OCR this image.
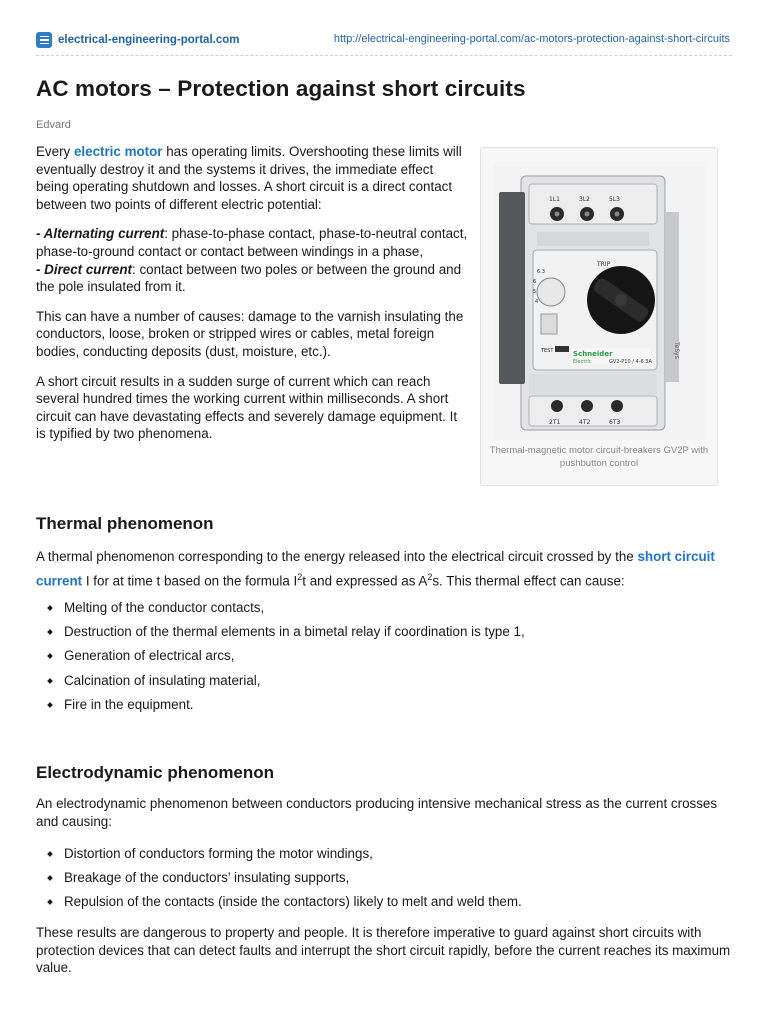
electrical-engineering-portal.com	http://electrical-engineering-portal.com/ac-motors-protection-against-short-circuits
AC motors – Protection against short circuits
Edvard

Every electric motor has operating limits. Overshooting these limits will eventually destroy it and the systems it drives, the immediate effect being operating shutdown and losses. A short circuit is a direct contact between two points of different electric potential:

- Alternating current: phase-to-phase contact, phase-to-neutral contact, phase-to-ground contact or contact between windings in a phase,
- Direct current: contact between two poles or between the ground and the pole insulated from it.

This can have a number of causes: damage to the varnish insulating the conductors, loose, broken or stripped wires or cables, metal foreign bodies, conducting deposits (dust, moisture, etc.).

A short circuit results in a sudden surge of current which can reach several hundred times the working current within milliseconds. A short circuit can have devastating effects and severely damage equipment. It is typified by two phenomena.

1L1	3L2	5L3
TRIP
6.3
6
5
4
TEST	Schneider
Electric	GV2-P10 / 4-6.3A
TeSys
2T1	4T2	6T3
Thermal-magnetic motor circuit-breakers GV2P with pushbutton control
Thermal phenomenon

A thermal phenomenon corresponding to the energy released into the electrical circuit crossed by the short circuit current I for at time t based on the formula $I^2t$ and expressed as $A^2s$. This thermal effect can cause:

Melting of the conductor contacts,
Destruction of the thermal elements in a bimetal relay if coordination is type 1,
Generation of electrical arcs,
Calcination of insulating material,
Fire in the equipment.
Electrodynamic phenomenon

An electrodynamic phenomenon between conductors producing intensive mechanical stress as the current crosses and causing:

Distortion of conductors forming the motor windings,
Breakage of the conductors’ insulating supports,
Repulsion of the contacts (inside the contactors) likely to melt and weld them.

These results are dangerous to property and people. It is therefore imperative to guard against short circuits with protection devices that can detect faults and interrupt the short circuit rapidly, before the current reaches its maximum value.
